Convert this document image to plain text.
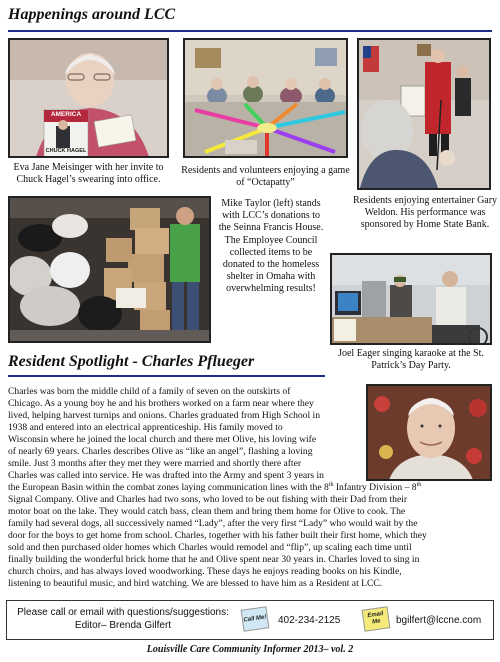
Happenings around LCC
AMERICA
CHUCK HAGEL
Eva Jane Meisinger with her invite to Chuck Hagel’s swearing into office.
Residents and volunteers enjoying a game of “Octapatty”
Residents enjoying entertainer Gary Weldon. His performance was sponsored by Home State Bank.
Mike Taylor (left) stands with LCC’s donations to the Seinna Francis House. The Employee Council collected items to be donated to the homeless shelter in Omaha with overwhelming results!
Joel Eager singing karaoke at the St. Patrick’s Day Party.
Resident Spotlight - Charles Pflueger
Charles was born the middle child of a family of seven on the outskirts of
Chicago. As a young boy he and his brothers worked on a farm near where they
lived, helping harvest turnips and onions. Charles graduated from High School in
1938 and entered into an electrical apprenticeship. His family moved to
Wisconsin where he joined the local church and there met Olive, his loving wife
of nearly 69 years. Charles describes Olive as “like an angel”, flashing a loving
smile. Just 3 months after they met they were married and shortly there after
Charles was called into service. He was drafted into the Army and spent 3 years in
the European Basin within the combat zones laying communication lines with the 8th Infantry Division – 8th
Signal Company. Olive and Charles had two sons, who loved to be out fishing with their Dad from their
motor boat on the lake. They would catch bass, clean them and bring them home for Olive to cook. The
family had several dogs, all successively named “Lady”, after the very first “Lady” who would wait by the
door for the boys to get home from school. Charles, together with his father built their first home, which they
sold and then purchased older homes which Charles would remodel and “flip”, up scaling each time until
finally building the wonderful brick home that he and Olive spent near 30 years in. Charles loved to sing in
church choirs, and has always loved woodworking. These days he enjoys reading books on his Kindle,
listening to beautiful music, and bird watching. We are blessed to have him as a Resident at LCC.
Please call or email with questions/suggestions:
Editor– Brenda Gilfert
Call Me! 402-234-2125	Email Me	bgilfert@lccne.com
Louisville Care Community Informer 2013– vol. 2
